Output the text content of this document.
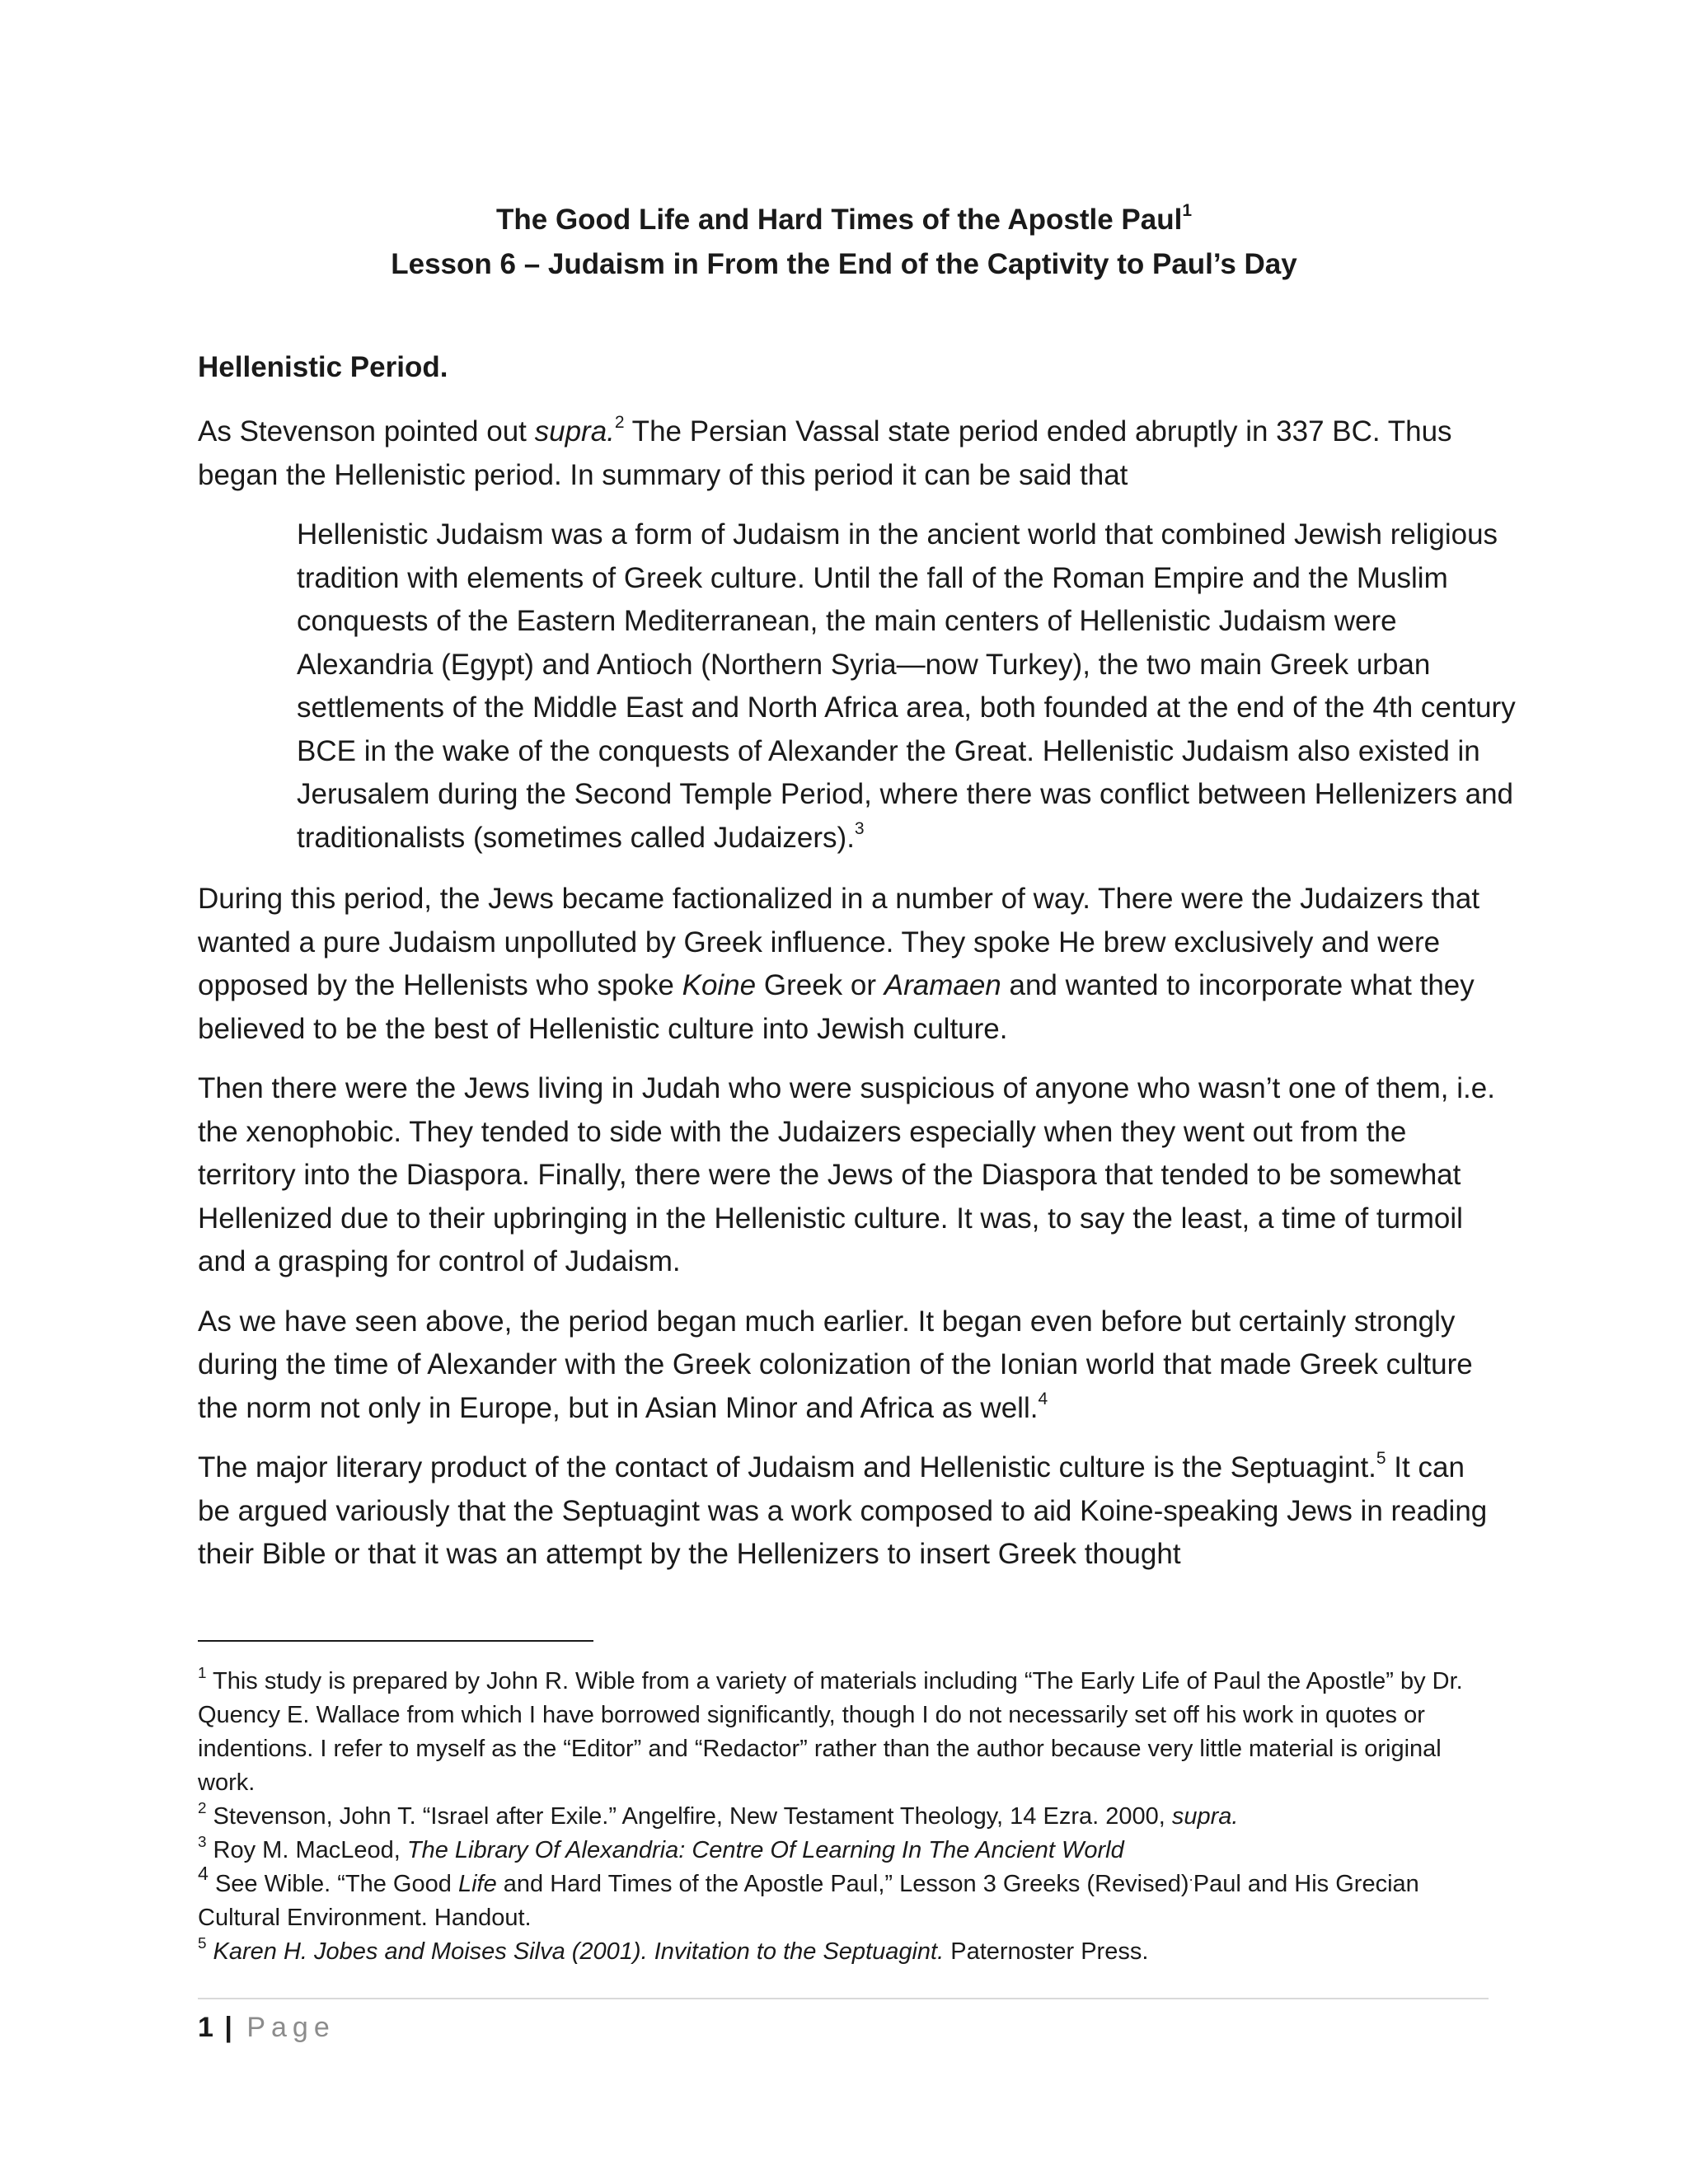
The Good Life and Hard Times of the Apostle Paul$^1$

Lesson 6 – Judaism in From the End of the Captivity to Paul’s Day

Hellenistic Period.

As Stevenson pointed out supra.$^2$ The Persian Vassal state period ended abruptly in 337 BC. Thus began the Hellenistic period. In summary of this period it can be said that

Hellenistic Judaism was a form of Judaism in the ancient world that combined Jewish religious tradition with elements of Greek culture. Until the fall of the Roman Empire and the Muslim conquests of the Eastern Mediterranean, the main centers of Hellenistic Judaism were Alexandria (Egypt) and Antioch (Northern Syria—now Turkey), the two main Greek urban settlements of the Middle East and North Africa area, both founded at the end of the 4th century BCE in the wake of the conquests of Alexander the Great. Hellenistic Judaism also existed in Jerusalem during the Second Temple Period, where there was conflict between Hellenizers and traditionalists (sometimes called Judaizers).$^3$

During this period, the Jews became factionalized in a number of way. There were the Judaizers that wanted a pure Judaism unpolluted by Greek influence. They spoke He brew exclusively and were opposed by the Hellenists who spoke Koine Greek or Aramaen and wanted to incorporate what they believed to be the best of Hellenistic culture into Jewish culture.

Then there were the Jews living in Judah who were suspicious of anyone who wasn’t one of them, i.e. the xenophobic. They tended to side with the Judaizers especially when they went out from the territory into the Diaspora. Finally, there were the Jews of the Diaspora that tended to be somewhat Hellenized due to their upbringing in the Hellenistic culture. It was, to say the least, a time of turmoil and a grasping for control of Judaism.

As we have seen above, the period began much earlier. It began even before but certainly strongly during the time of Alexander with the Greek colonization of the Ionian world that made Greek culture the norm not only in Europe, but in Asian Minor and Africa as well.$^4$

The major literary product of the contact of Judaism and Hellenistic culture is the Septuagint.$^5$ It can be argued variously that the Septuagint was a work composed to aid Koine-speaking Jews in reading their Bible or that it was an attempt by the Hellenizers to insert Greek thought

$^1$ This study is prepared by John R. Wible from a variety of materials including “The Early Life of Paul the Apostle” by Dr. Quency E. Wallace from which I have borrowed significantly, though I do not necessarily set off his work in quotes or indentions. I refer to myself as the “Editor” and “Redactor” rather than the author because very little material is original work.

$^2$ Stevenson, John T. “Israel after Exile.” Angelfire, New Testament Theology, 14 Ezra. 2000, supra.

$^3$ Roy M. MacLeod, The Library Of Alexandria: Centre Of Learning In The Ancient World

$^4$ See Wible. “The Good Life and Hard Times of the Apostle Paul,” Lesson 3 Greeks (Revised).Paul and His Grecian Cultural Environment. Handout.

$^5$ Karen H. Jobes and Moises Silva (2001). Invitation to the Septuagint. Paternoster Press.

1 | Page
